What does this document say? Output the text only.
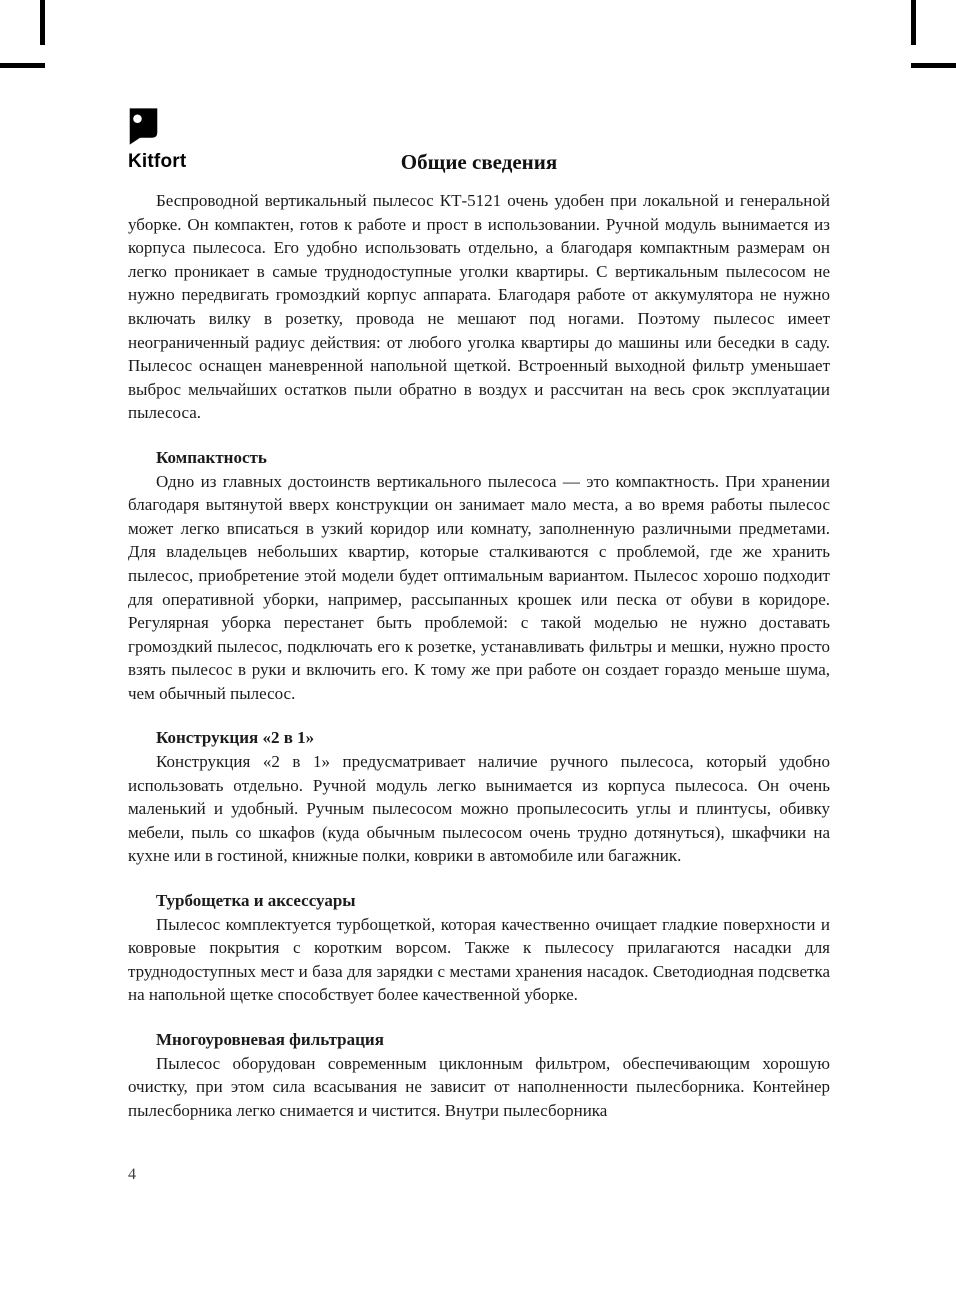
Kitfort	Общие сведения

Беспроводной вертикальный пылесос КТ-5121 очень удобен при локальной и генеральной уборке. Он компактен, готов к работе и прост в использовании. Ручной модуль вынимается из корпуса пылесоса. Его удобно использовать отдельно, а благодаря компактным размерам он легко проникает в самые труднодоступные уголки квартиры. С вертикальным пылесосом не нужно передвигать громоздкий корпус аппарата. Благодаря работе от аккумулятора не нужно включать вилку в розетку, провода не мешают под ногами. Поэтому пылесос имеет неограниченный радиус действия: от любого уголка квартиры до машины или беседки в саду. Пылесос оснащен маневренной напольной щеткой. Встроенный выходной фильтр уменьшает выброс мельчайших остатков пыли обратно в воздух и рассчитан на весь срок эксплуатации пылесоса.

Компактность

Одно из главных достоинств вертикального пылесоса — это компактность. При хранении благодаря вытянутой вверх конструкции он занимает мало места, а во время работы пылесос может легко вписаться в узкий коридор или комнату, заполненную различными предметами. Для владельцев небольших квартир, которые сталкиваются с проблемой, где же хранить пылесос, приобретение этой модели будет оптимальным вариантом. Пылесос хорошо подходит для оперативной уборки, например, рассыпанных крошек или песка от обуви в коридоре. Регулярная уборка перестанет быть проблемой: с такой моделью не нужно доставать громоздкий пылесос, подключать его к розетке, устанавливать фильтры и мешки, нужно просто взять пылесос в руки и включить его. К тому же при работе он создает гораздо меньше шума, чем обычный пылесос.

Конструкция «2 в 1»

Конструкция «2 в 1» предусматривает наличие ручного пылесоса, который удобно использовать отдельно. Ручной модуль легко вынимается из корпуса пылесоса. Он очень маленький и удобный. Ручным пылесосом можно пропылесосить углы и плинтусы, обивку мебели, пыль со шкафов (куда обычным пылесосом очень трудно дотянуться), шкафчики на кухне или в гостиной, книжные полки, коврики в автомобиле или багажник.

Турбощетка и аксессуары

Пылесос комплектуется турбощеткой, которая качественно очищает гладкие поверхности и ковровые покрытия с коротким ворсом. Также к пылесосу прилагаются насадки для труднодоступных мест и база для зарядки с местами хранения насадок. Светодиодная подсветка на напольной щетке способствует более качественной уборке.

Многоуровневая фильтрация

Пылесос оборудован современным циклонным фильтром, обеспечивающим хорошую очистку, при этом сила всасывания не зависит от наполненности пылесборника. Контейнер пылесборника легко снимается и чистится. Внутри пылесборника

4
